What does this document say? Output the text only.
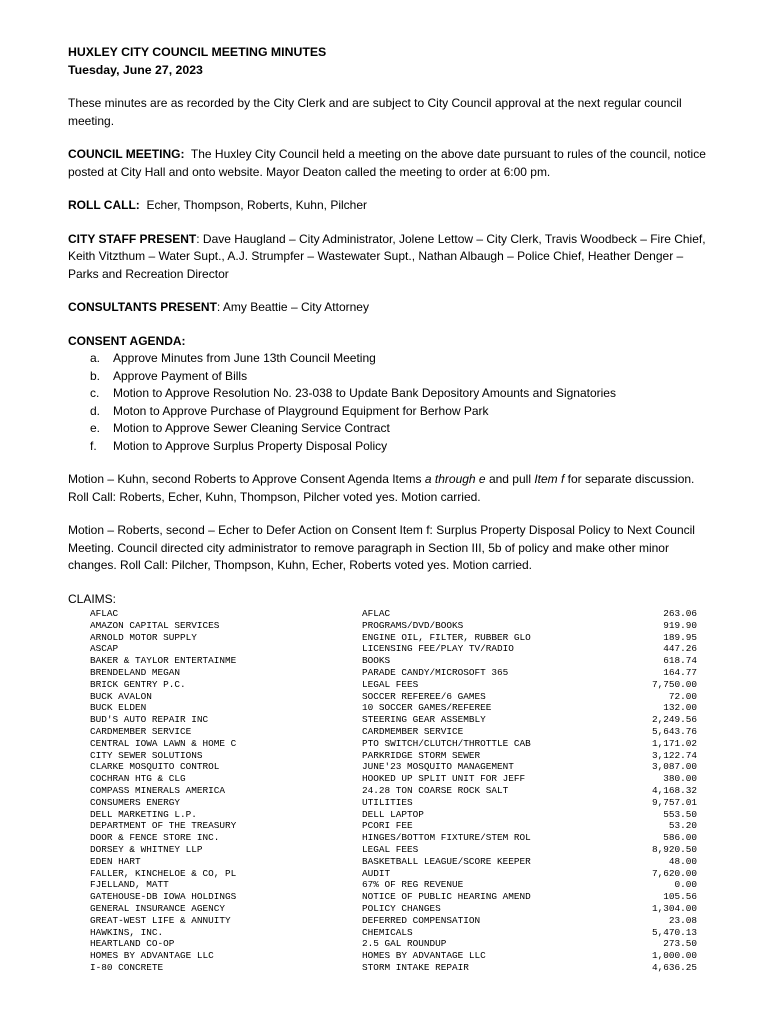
HUXLEY CITY COUNCIL MEETING MINUTES
Tuesday, June 27, 2023

These minutes are as recorded by the City Clerk and are subject to City Council approval at the next regular council meeting.

COUNCIL MEETING: The Huxley City Council held a meeting on the above date pursuant to rules of the council, notice posted at City Hall and onto website. Mayor Deaton called the meeting to order at 6:00 pm.

ROLL CALL: Echer, Thompson, Roberts, Kuhn, Pilcher

CITY STAFF PRESENT: Dave Haugland – City Administrator, Jolene Lettow – City Clerk, Travis Woodbeck – Fire Chief, Keith Vitzthum – Water Supt., A.J. Strumpfer – Wastewater Supt., Nathan Albaugh – Police Chief, Heather Denger – Parks and Recreation Director

CONSULTANTS PRESENT: Amy Beattie – City Attorney

CONSENT AGENDA:

a.	Approve Minutes from June 13th Council Meeting
b.	Approve Payment of Bills
c.	Motion to Approve Resolution No. 23-038 to Update Bank Depository Amounts and Signatories
d.	Moton to Approve Purchase of Playground Equipment for Berhow Park
e.	Motion to Approve Sewer Cleaning Service Contract
f.	Motion to Approve Surplus Property Disposal Policy

Motion – Kuhn, second Roberts to Approve Consent Agenda Items a through e and pull Item f for separate discussion. Roll Call: Roberts, Echer, Kuhn, Thompson, Pilcher voted yes. Motion carried.

Motion – Roberts, second – Echer to Defer Action on Consent Item f: Surplus Property Disposal Policy to Next Council Meeting. Council directed city administrator to remove paragraph in Section III, 5b of policy and make other minor changes. Roll Call: Pilcher, Thompson, Kuhn, Echer, Roberts voted yes. Motion carried.

CLAIMS:

AFLAC	AFLAC	263.06
AMAZON CAPITAL SERVICES	PROGRAMS/DVD/BOOKS	919.90
ARNOLD MOTOR SUPPLY	ENGINE OIL, FILTER, RUBBER GLO	189.95
ASCAP	LICENSING FEE/PLAY TV/RADIO	447.26
BAKER & TAYLOR ENTERTAINME	BOOKS	618.74
BRENDELAND MEGAN	PARADE CANDY/MICROSOFT 365	164.77
BRICK GENTRY P.C.	LEGAL FEES	7,750.00
BUCK AVALON	SOCCER REFEREE/6 GAMES	72.00
BUCK ELDEN	10 SOCCER GAMES/REFEREE	132.00
BUD'S AUTO REPAIR INC	STEERING GEAR ASSEMBLY	2,249.56
CARDMEMBER SERVICE	CARDMEMBER SERVICE	5,643.76
CENTRAL IOWA LAWN & HOME C	PTO SWITCH/CLUTCH/THROTTLE CAB	1,171.02
CITY SEWER SOLUTIONS	PARKRIDGE STORM SEWER	3,122.74
CLARKE MOSQUITO CONTROL	JUNE'23 MOSQUITO MANAGEMENT	3,087.00
COCHRAN HTG & CLG	HOOKED UP SPLIT UNIT FOR JEFF	380.00
COMPASS MINERALS AMERICA	24.28 TON COARSE ROCK SALT	4,168.32
CONSUMERS ENERGY	UTILITIES	9,757.01
DELL MARKETING L.P.	DELL LAPTOP	553.50
DEPARTMENT OF THE TREASURY	PCORI FEE	53.20
DOOR & FENCE STORE INC.	HINGES/BOTTOM FIXTURE/STEM ROL	586.00
DORSEY & WHITNEY LLP	LEGAL FEES	8,920.50
EDEN HART	BASKETBALL LEAGUE/SCORE KEEPER	48.00
FALLER, KINCHELOE & CO, PL	AUDIT	7,620.00
FJELLAND, MATT	67% OF REG REVENUE	0.00
GATEHOUSE-DB IOWA HOLDINGS	NOTICE OF PUBLIC HEARING AMEND	105.56
GENERAL INSURANCE AGENCY	POLICY CHANGES	1,304.00
GREAT-WEST LIFE & ANNUITY	DEFERRED COMPENSATION	23.08
HAWKINS, INC.	CHEMICALS	5,470.13
HEARTLAND CO-OP	2.5 GAL ROUNDUP	273.50
HOMES BY ADVANTAGE LLC	HOMES BY ADVANTAGE LLC	1,000.00
I-80 CONCRETE	STORM INTAKE REPAIR	4,636.25
